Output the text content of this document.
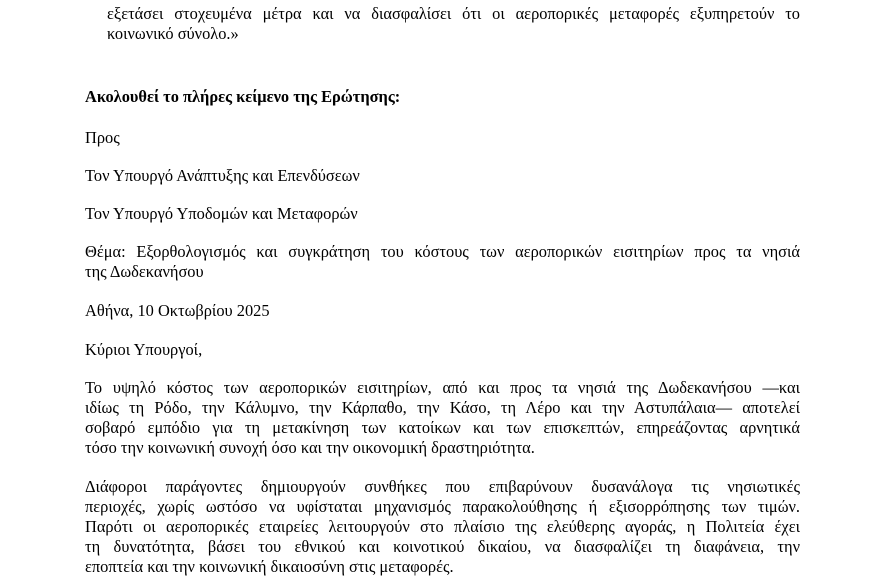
εξετάσει στοχευμένα μέτρα και να διασφαλίσει ότι οι αεροπορικές μεταφορές εξυπηρετούν το
κοινωνικό σύνολο.»
Ακολουθεί το πλήρες κείμενο της Ερώτησης:
Προς
Τον Υπουργό Ανάπτυξης και Επενδύσεων
Τον Υπουργό Υποδομών και Μεταφορών
Θέμα: Εξορθολογισμός και συγκράτηση του κόστους των αεροπορικών εισιτηρίων προς τα νησιά
της Δωδεκανήσου
Αθήνα, 10 Οκτωβρίου 2025
Κύριοι Υπουργοί,
Το υψηλό κόστος των αεροπορικών εισιτηρίων, από και προς τα νησιά της Δωδεκανήσου —και
ιδίως τη Ρόδο, την Κάλυμνο, την Κάρπαθο, την Κάσο, τη Λέρο και την Αστυπάλαια— αποτελεί
σοβαρό εμπόδιο για τη μετακίνηση των κατοίκων και των επισκεπτών, επηρεάζοντας αρνητικά
τόσο την κοινωνική συνοχή όσο και την οικονομική δραστηριότητα.
Διάφοροι παράγοντες δημιουργούν συνθήκες που επιβαρύνουν δυσανάλογα τις νησιωτικές
περιοχές, χωρίς ωστόσο να υφίσταται μηχανισμός παρακολούθησης ή εξισορρόπησης των τιμών.
Παρότι οι αεροπορικές εταιρείες λειτουργούν στο πλαίσιο της ελεύθερης αγοράς, η Πολιτεία έχει
τη δυνατότητα, βάσει του εθνικού και κοινοτικού δικαίου, να διασφαλίζει τη διαφάνεια, την
εποπτεία και την κοινωνική δικαιοσύνη στις μεταφορές.
